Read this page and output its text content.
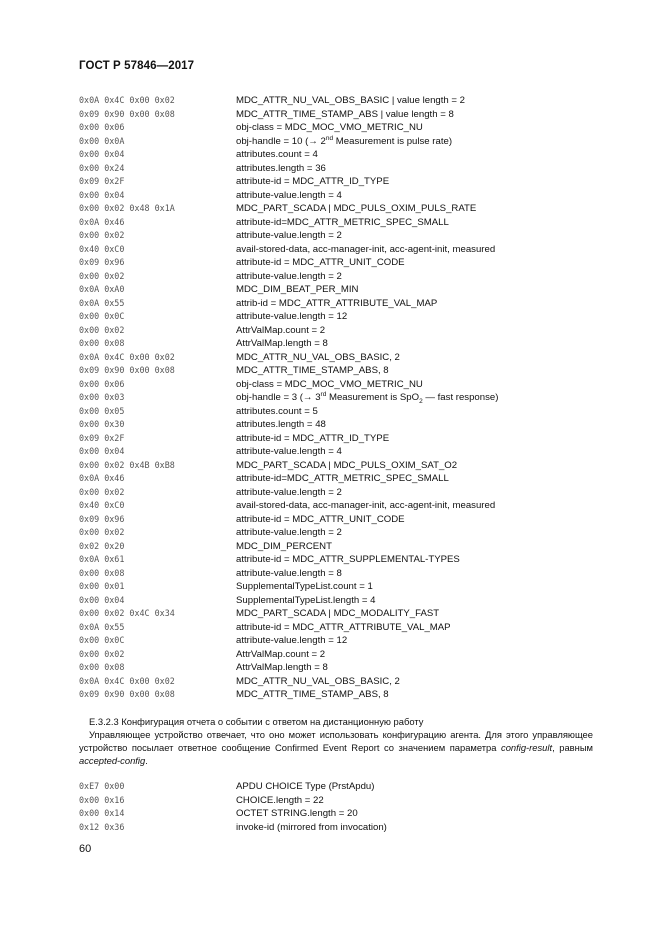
ГОСТ Р 57846—2017
0x0A 0x4C 0x00 0x02	MDC_ATTR_NU_VAL_OBS_BASIC | value length = 2
0x09 0x90 0x00 0x08	MDC_ATTR_TIME_STAMP_ABS | value length = 8
0x00 0x06	obj-class = MDC_MOC_VMO_METRIC_NU
0x00 0x0A	obj-handle = 10 (→ 2nd Measurement is pulse rate)
0x00 0x04	attributes.count = 4
0x00 0x24	attributes.length = 36
0x09 0x2F	attribute-id = MDC_ATTR_ID_TYPE
0x00 0x04	attribute-value.length = 4
0x00 0x02 0x48 0x1A	MDC_PART_SCADA | MDC_PULS_OXIM_PULS_RATE
0x0A 0x46	attribute-id=MDC_ATTR_METRIC_SPEC_SMALL
0x00 0x02	attribute-value.length = 2
0x40 0xC0	avail-stored-data, acc-manager-init, acc-agent-init, measured
0x09 0x96	attribute-id = MDC_ATTR_UNIT_CODE
0x00 0x02	attribute-value.length = 2
0x0A 0xA0	MDC_DIM_BEAT_PER_MIN
0x0A 0x55	attrib-id = MDC_ATTR_ATTRIBUTE_VAL_MAP
0x00 0x0C	attribute-value.length = 12
0x00 0x02	AttrValMap.count = 2
0x00 0x08	AttrValMap.length = 8
0x0A 0x4C 0x00 0x02	MDC_ATTR_NU_VAL_OBS_BASIC, 2
0x09 0x90 0x00 0x08	MDC_ATTR_TIME_STAMP_ABS, 8
0x00 0x06	obj-class = MDC_MOC_VMO_METRIC_NU
0x00 0x03	obj-handle = 3 (→ 3rd Measurement is SpO$_2$ — fast response)
0x00 0x05	attributes.count = 5
0x00 0x30	attributes.length = 48
0x09 0x2F	attribute-id = MDC_ATTR_ID_TYPE
0x00 0x04	attribute-value.length = 4
0x00 0x02 0x4B 0xB8	MDC_PART_SCADA | MDC_PULS_OXIM_SAT_O2
0x0A 0x46	attribute-id=MDC_ATTR_METRIC_SPEC_SMALL
0x00 0x02	attribute-value.length = 2
0x40 0xC0	avail-stored-data, acc-manager-init, acc-agent-init, measured
0x09 0x96	attribute-id = MDC_ATTR_UNIT_CODE
0x00 0x02	attribute-value.length = 2
0x02 0x20	MDC_DIM_PERCENT
0x0A 0x61	attribute-id = MDC_ATTR_SUPPLEMENTAL-TYPES
0x00 0x08	attribute-value.length = 8
0x00 0x01	SupplementalTypeList.count = 1
0x00 0x04	SupplementalTypeList.length = 4
0x00 0x02 0x4C 0x34	MDC_PART_SCADA | MDC_MODALITY_FAST
0x0A 0x55	attribute-id = MDC_ATTR_ATTRIBUTE_VAL_MAP
0x00 0x0C	attribute-value.length = 12
0x00 0x02	AttrValMap.count = 2
0x00 0x08	AttrValMap.length = 8
0x0A 0x4C 0x00 0x02	MDC_ATTR_NU_VAL_OBS_BASIC, 2
0x09 0x90 0x00 0x08	MDC_ATTR_TIME_STAMP_ABS, 8
E.3.2.3 Конфигурация отчета о событии с ответом на дистанционную работу
Управляющее устройство отвечает, что оно может использовать конфигурацию агента. Для этого управляющее устройство посылает ответное сообщение Confirmed Event Report со значением параметра config-result, равным accepted-config.
0xE7 0x00	APDU CHOICE Type (PrstApdu)
0x00 0x16	CHOICE.length = 22
0x00 0x14	OCTET STRING.length = 20
0x12 0x36	invoke-id (mirrored from invocation)
60
